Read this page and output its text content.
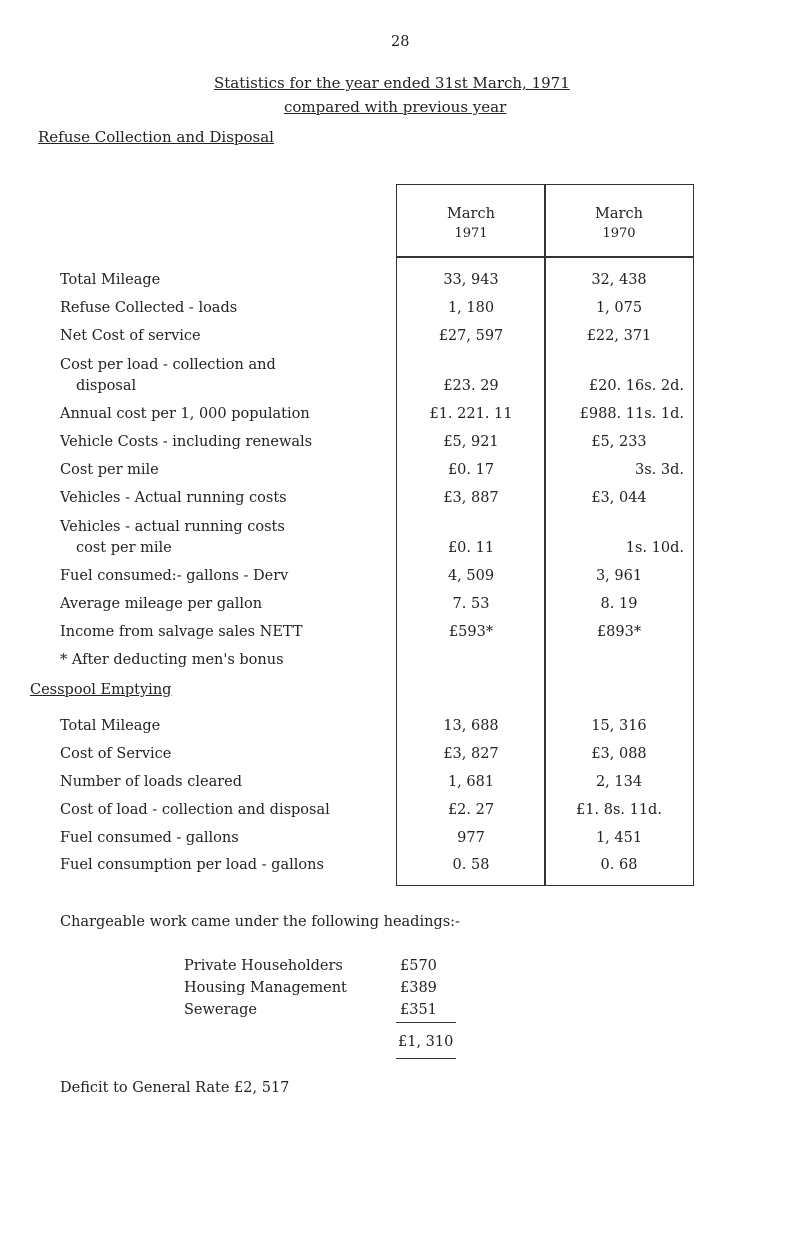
28
Statistics for the year ended 31st March, 1971
compared with previous year
Refuse Collection and Disposal
March
1971
March
1970
Total Mileage	33, 943	32, 438
Refuse Collected - loads	1, 180	1, 075
Net Cost of service	£27, 597	£22, 371
Cost per load - collection and
disposal	£23. 29	£20. 16s. 2d.
Annual cost per 1, 000 population	£1. 221. 11	£988. 11s. 1d.
Vehicle Costs - including renewals	£5, 921	£5, 233
Cost per mile	£0. 17	3s. 3d.
Vehicles - Actual running costs	£3, 887	£3, 044
Vehicles - actual running costs
cost per mile	£0. 11	1s. 10d.
Fuel consumed:- gallons - Derv	4, 509	3, 961
Average mileage per gallon	7. 53	8. 19
Income from salvage sales NETT	£593*	£893*
* After deducting men's bonus
Cesspool Emptying
Total Mileage	13, 688	15, 316
Cost of Service	£3, 827	£3, 088
Number of loads cleared	1, 681	2, 134
Cost of load - collection and disposal	£2. 27	£1. 8s. 11d.
Fuel consumed - gallons	977	1, 451
Fuel consumption per load - gallons	0. 58	0. 68
Chargeable work came under the following headings:-
Private Householders	£570
Housing Management	£389
Sewerage	£351
£1, 310
Deficit to General Rate £2, 517
